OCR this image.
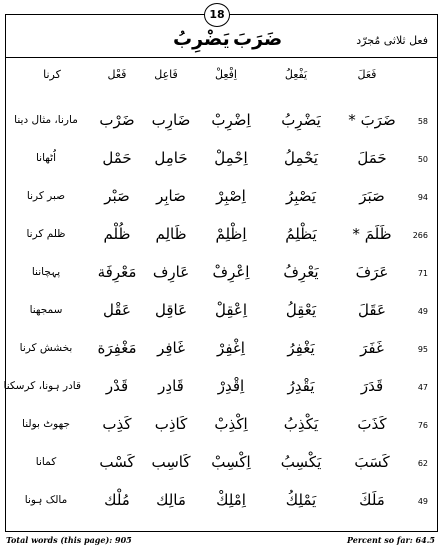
18
فعل ثلاثی مُجرّد
ضَرَبَ
يَضْرِبُ
فَعَلَ
يَفْعِلُ
اِفْعِلْ
فَاعِل
فَعْل
کرنا
58
ضَرَبَ *
يَضْرِبُ
اِضْرِبْ
ضَارِب
ضَرْب
مارنا، مثال دینا
50
حَمَلَ
يَحْمِلُ
اِحْمِلْ
حَامِل
حَمْل
اُٹھانا
94
صَبَرَ
يَصْبِرُ
اِصْبِرْ
صَابِر
صَبْر
صبر کرنا
266
ظَلَمَ *
يَظْلِمُ
اِظْلِمْ
ظَالِم
ظُلْم
ظلم کرنا
71
عَرَفَ
يَعْرِفُ
اِعْرِفْ
عَارِف
مَعْرِفَة
پہچاننا
49
عَقَلَ
يَعْقِلُ
اِعْقِلْ
عَاقِل
عَقْل
سمجھنا
95
غَفَرَ
يَغْفِرُ
اِغْفِرْ
غَافِر
مَغْفِرَة
بخشش کرنا
47
قَدَرَ
يَقْدِرُ
اِقْدِرْ
قَادِر
قَدْر
قادر ہونا، کرسکنا
76
كَذَبَ
يَكْذِبُ
اِكْذِبْ
كَاذِب
كَذِب
جھوٹ بولنا
62
كَسَبَ
يَكْسِبُ
اِكْسِبْ
كَاسِب
كَسْب
کمانا
49
مَلَكَ
يَمْلِكُ
اِمْلِكْ
مَالِك
مُلْك
مالک ہونا
Total words (this page): 905	Percent so far: 64.5
